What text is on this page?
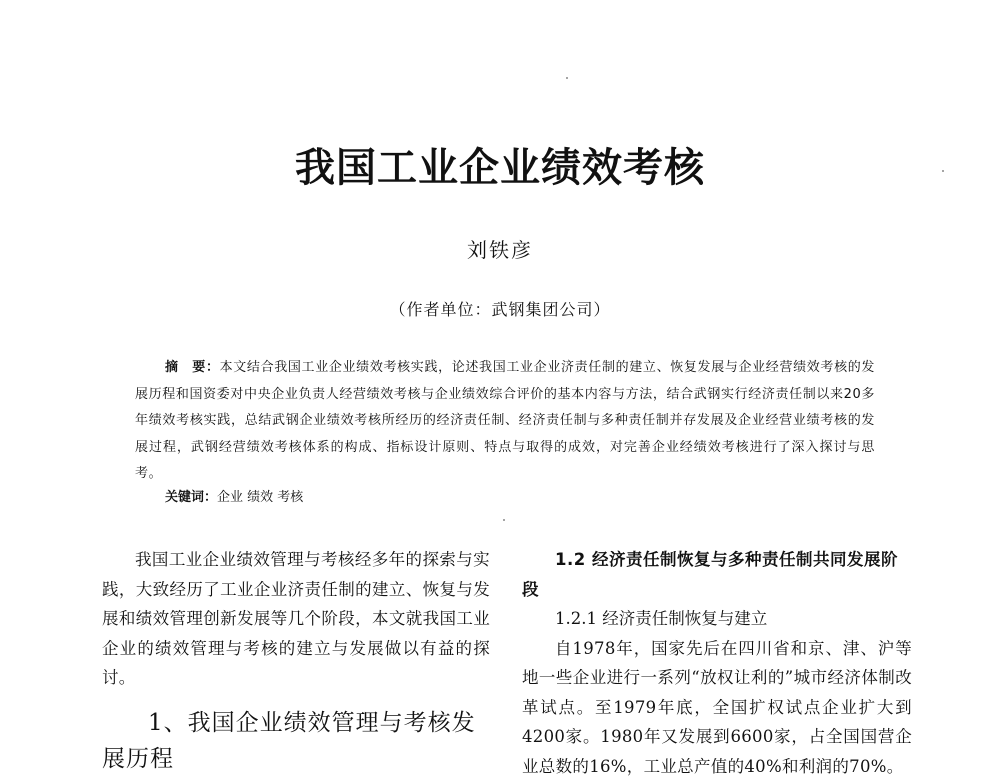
我国工业企业绩效考核
刘铁彦
（作者单位：武钢集团公司）
摘　要：本文结合我国工业企业绩效考核实践，论述我国工业企业济责任制的建立、恢复发展与企业经营绩效考核的发展历程和国资委对中央企业负责人经营绩效考核与企业绩效综合评价的基本内容与方法，结合武钢实行经济责任制以来20多年绩效考核实践，总结武钢企业绩效考核所经历的经济责任制、经济责任制与多种责任制并存发展及企业经营业绩考核的发展过程，武钢经营绩效考核体系的构成、指标设计原则、特点与取得的成效，对完善企业经绩效考核进行了深入探讨与思考。
关键词：企业 绩效 考核

我国工业企业绩效管理与考核经多年的探索与实践，大致经历了工业企业济责任制的建立、恢复与发展和绩效管理创新发展等几个阶段，本文就我国工业企业的绩效管理与考核的建立与发展做以有益的探讨。

1、我国企业绩效管理与考核发展历程
1.2 经济责任制恢复与多种责任制共同发展阶段
1.2.1 经济责任制恢复与建立

自1978年，国家先后在四川省和京、津、沪等地一些企业进行一系列“放权让利的”城市经济体制改革试点。至1979年底，全国扩权试点企业扩大到4200家。1980年又发展到6600家，占全国国营企业总数的16%，工业总产值的40%和利润的70%。
